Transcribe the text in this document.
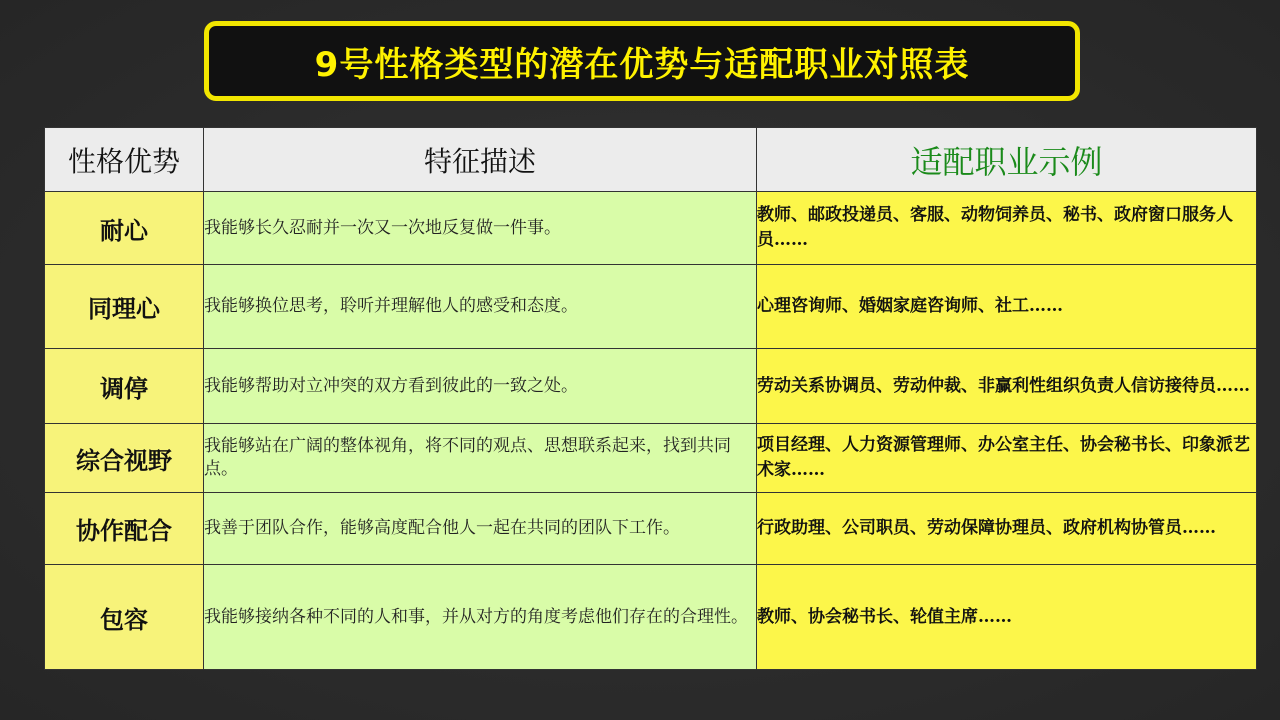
9号性格类型的潜在优势与适配职业对照表
性格优势	特征描述	适配职业示例
耐心	我能够长久忍耐并一次又一次地反复做一件事。	教师、邮政投递员、客服、动物饲养员、秘书、政府窗口服务人员……
同理心	我能够换位思考，聆听并理解他人的感受和态度。	心理咨询师、婚姻家庭咨询师、社工……
调停	我能够帮助对立冲突的双方看到彼此的一致之处。	劳动关系协调员、劳动仲裁、非赢利性组织负责人信访接待员……
综合视野	我能够站在广阔的整体视角，将不同的观点、思想联系起来，找到共同点。	项目经理、人力资源管理师、办公室主任、协会秘书长、印象派艺术家……
协作配合	我善于团队合作，能够高度配合他人一起在共同的团队下工作。	行政助理、公司职员、劳动保障协理员、政府机构协管员……
包容	我能够接纳各种不同的人和事，并从对方的角度考虑他们存在的合理性。	教师、协会秘书长、轮值主席……
